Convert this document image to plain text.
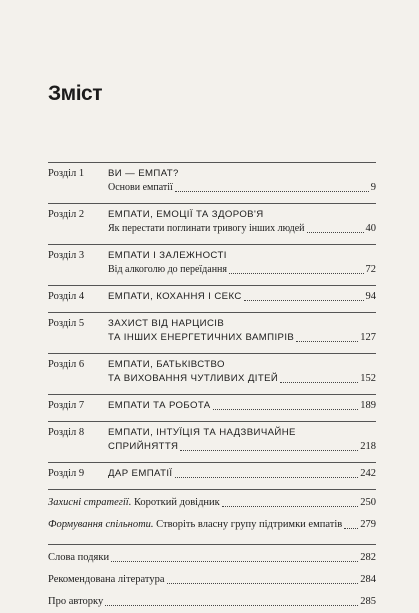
Зміст
Розділ 1 ВИ — ЕМПАТ?
Основи емпатії	9
Розділ 2 ЕМПАТИ, ЕМОЦІЇ ТА ЗДОРОВ'Я
Як перестати поглинати тривогу інших людей	40
Розділ 3 ЕМПАТИ І ЗАЛЕЖНОСТІ
Від алкоголю до переїдання	72
Розділ 4 ЕМПАТИ, КОХАННЯ І СЕКС	94
Розділ 5 ЗАХИСТ ВІД НАРЦИСІВ
ТА ІНШИХ ЕНЕРГЕТИЧНИХ ВАМПІРІВ	127
Розділ 6 ЕМПАТИ, БАТЬКІВСТВО
ТА ВИХОВАННЯ ЧУТЛИВИХ ДІТЕЙ	152
Розділ 7 ЕМПАТИ ТА РОБОТА	189
Розділ 8 ЕМПАТИ, ІНТУЇЦІЯ ТА НАДЗВИЧАЙНЕ
СПРИЙНЯТТЯ	218
Розділ 9 ДАР ЕМПАТІЇ	242
Захисні стратегії. Короткий довідник	250
Формування спільноти. Створіть власну групу підтримки емпатів 279
Слова подяки	282
Рекомендована література	284
Про авторку	285
